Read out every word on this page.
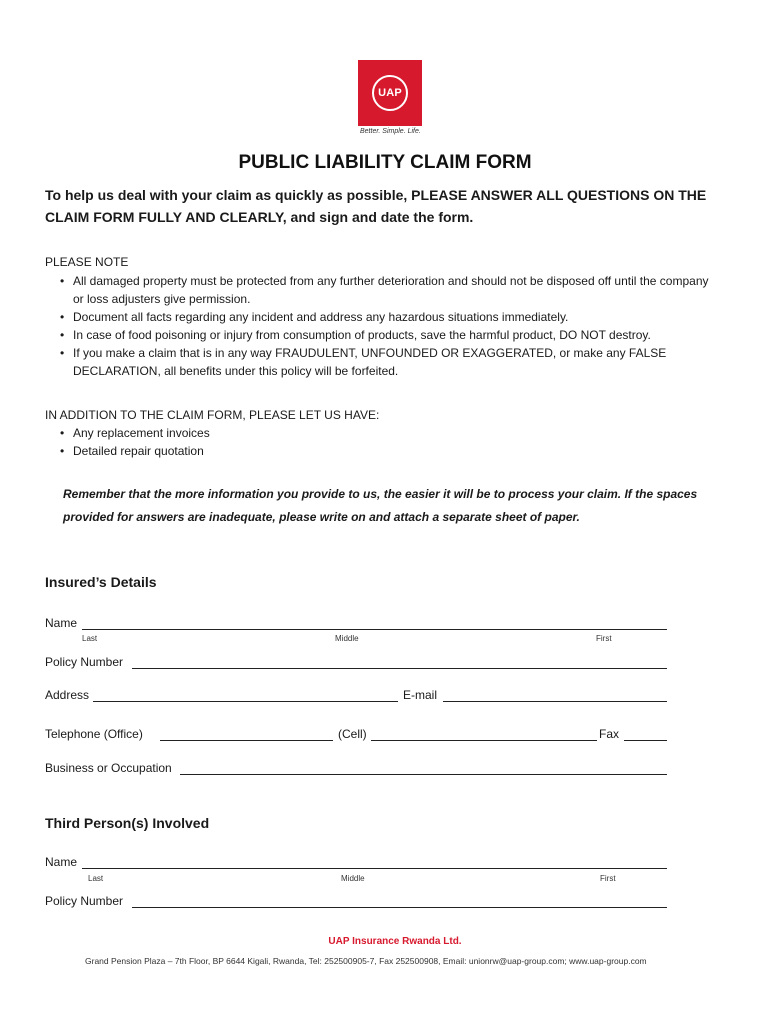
UAP
Better. Simple. Life.
PUBLIC LIABILITY CLAIM FORM
To help us deal with your claim as quickly as possible, PLEASE ANSWER ALL QUESTIONS ON THE CLAIM FORM FULLY AND CLEARLY, and sign and date the form.
PLEASE NOTE
• All damaged property must be protected from any further deterioration and should not be disposed off until the company or loss adjusters give permission.
• Document all facts regarding any incident and address any hazardous situations immediately.
• In case of food poisoning or injury from consumption of products, save the harmful product, DO NOT destroy.
• If you make a claim that is in any way FRAUDULENT, UNFOUNDED OR EXAGGERATED, or make any FALSE DECLARATION, all benefits under this policy will be forfeited.
IN ADDITION TO THE CLAIM FORM, PLEASE LET US HAVE:
• Any replacement invoices
• Detailed repair quotation
Remember that the more information you provide to us, the easier it will be to process your claim. If the spaces provided for answers are inadequate, please write on and attach a separate sheet of paper.
Insured’s Details
Name
Last	Middle	First
Policy Number
Address	E-mail
Telephone (Office)	(Cell)	Fax
Business or Occupation
Third Person(s) Involved
Name
Last	Middle	First
Policy Number
UAP Insurance Rwanda Ltd.
Grand Pension Plaza – 7th Floor, BP 6644 Kigali, Rwanda, Tel: 252500905-7, Fax 252500908, Email: unionrw@uap-group.com; www.uap-group.com
